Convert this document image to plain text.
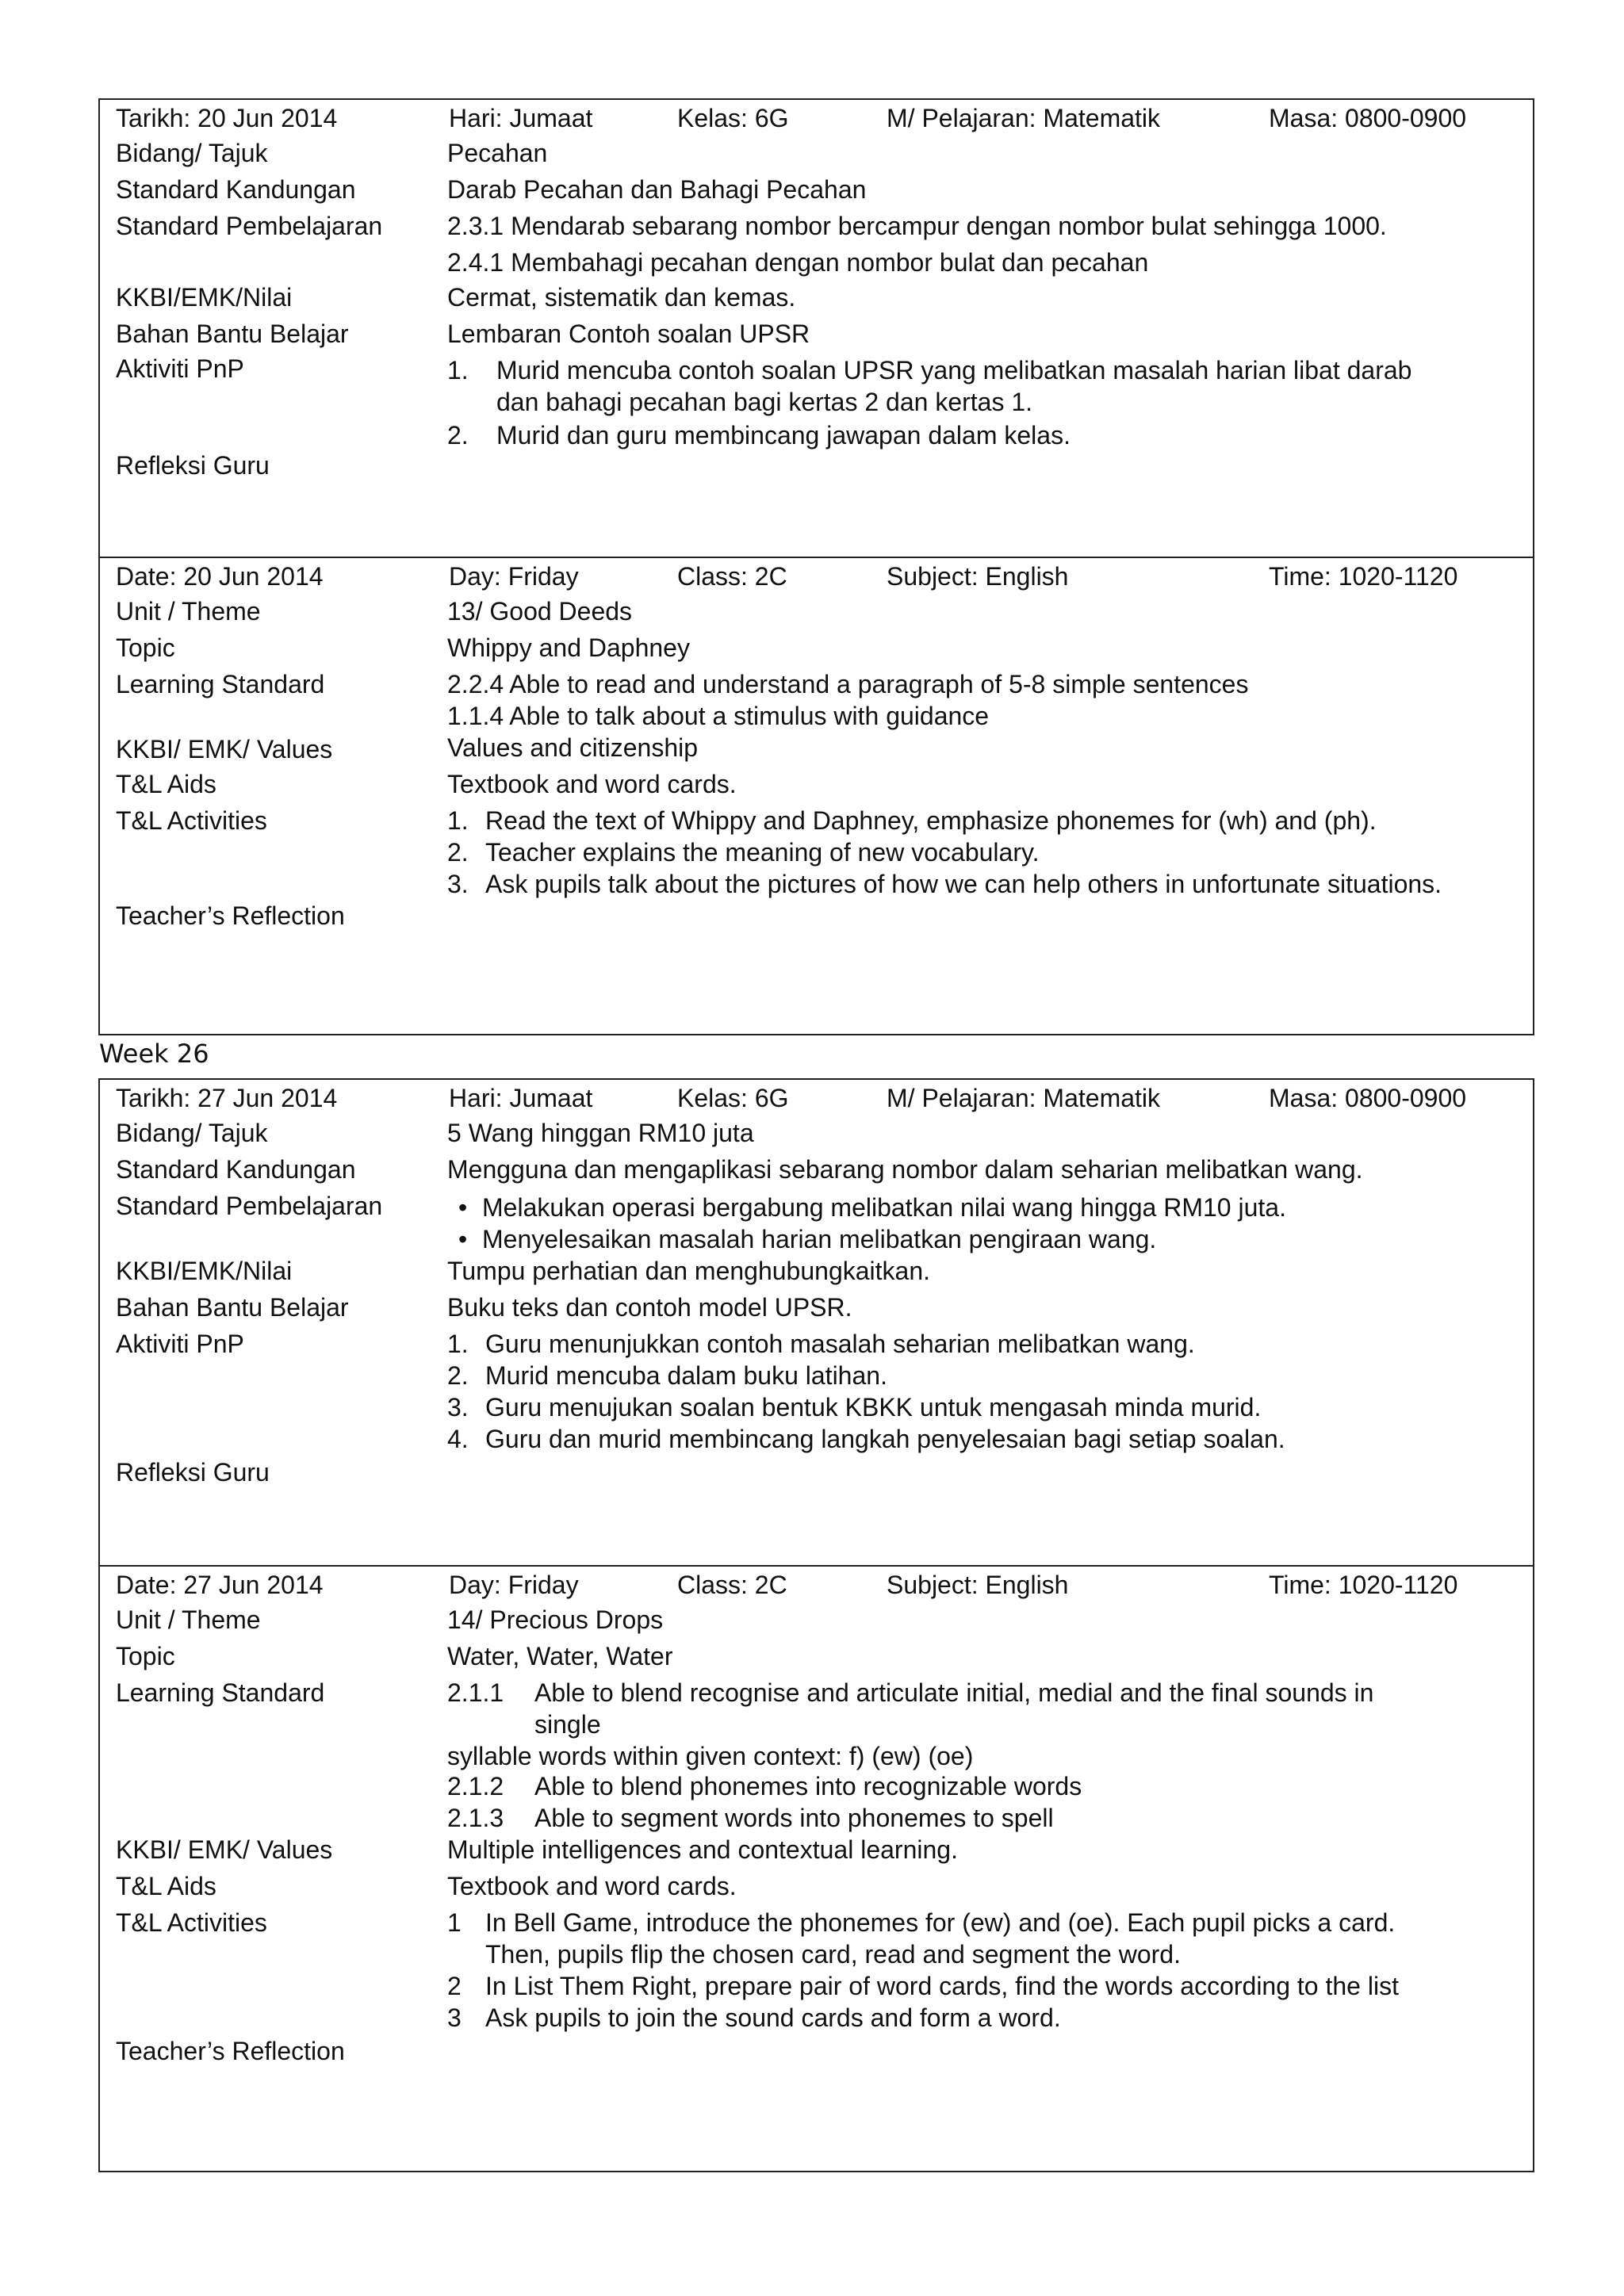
Tarikh: 20 Jun 2014	Hari: Jumaat	Kelas: 6G	M/ Pelajaran: Matematik	Masa: 0800-0900
Bidang/ Tajuk	Pecahan
Standard Kandungan	Darab Pecahan dan Bahagi Pecahan
Standard Pembelajaran	2.3.1 Mendarab sebarang nombor bercampur dengan nombor bulat sehingga 1000.
2.4.1 Membahagi pecahan dengan nombor bulat dan pecahan
KKBI/EMK/Nilai	Cermat, sistematik dan kemas.
Bahan Bantu Belajar	Lembaran Contoh soalan UPSR
Aktiviti PnP	1. Murid mencuba contoh soalan UPSR yang melibatkan masalah harian libat darab
dan bahagi pecahan bagi kertas 2 dan kertas 1.
2. Murid dan guru membincang jawapan dalam kelas.
Refleksi Guru
Date: 20 Jun 2014	Day: Friday	Class: 2C	Subject: English	Time: 1020-1120
Unit / Theme	13/ Good Deeds
Topic	Whippy and Daphney
Learning Standard	2.2.4 Able to read and understand a paragraph of 5-8 simple sentences
1.1.4 Able to talk about a stimulus with guidance
KKBI/ EMK/ Values	Values and citizenship
T&L Aids	Textbook and word cards.
T&L Activities	1. Read the text of Whippy and Daphney, emphasize phonemes for (wh) and (ph).
2. Teacher explains the meaning of new vocabulary.
3. Ask pupils talk about the pictures of how we can help others in unfortunate situations.
Teacher’s Reflection
Week 26
Tarikh: 27 Jun 2014	Hari: Jumaat	Kelas: 6G	M/ Pelajaran: Matematik	Masa: 0800-0900
Bidang/ Tajuk	5 Wang hinggan RM10 juta
Standard Kandungan	Mengguna dan mengaplikasi sebarang nombor dalam seharian melibatkan wang.
Standard Pembelajaran	• Melakukan operasi bergabung melibatkan nilai wang hingga RM10 juta.
• Menyelesaikan masalah harian melibatkan pengiraan wang.
KKBI/EMK/Nilai	Tumpu perhatian dan menghubungkaitkan.
Bahan Bantu Belajar	Buku teks dan contoh model UPSR.
Aktiviti PnP	1. Guru menunjukkan contoh masalah seharian melibatkan wang.
2. Murid mencuba dalam buku latihan.
3. Guru menujukan soalan bentuk KBKK untuk mengasah minda murid.
4. Guru dan murid membincang langkah penyelesaian bagi setiap soalan.
Refleksi Guru
Date: 27 Jun 2014	Day: Friday	Class: 2C	Subject: English	Time: 1020-1120
Unit / Theme	14/ Precious Drops
Topic	Water, Water, Water
Learning Standard	2.1.1 Able to blend recognise and articulate initial, medial and the final sounds in
single
syllable words within given context: f) (ew) (oe)
2.1.2 Able to blend phonemes into recognizable words
2.1.3 Able to segment words into phonemes to spell
KKBI/ EMK/ Values	Multiple intelligences and contextual learning.
T&L Aids	Textbook and word cards.
T&L Activities	1 In Bell Game, introduce the phonemes for (ew) and (oe). Each pupil picks a card.
Then, pupils flip the chosen card, read and segment the word.
2 In List Them Right, prepare pair of word cards, find the words according to the list
3 Ask pupils to join the sound cards and form a word.
Teacher’s Reflection
